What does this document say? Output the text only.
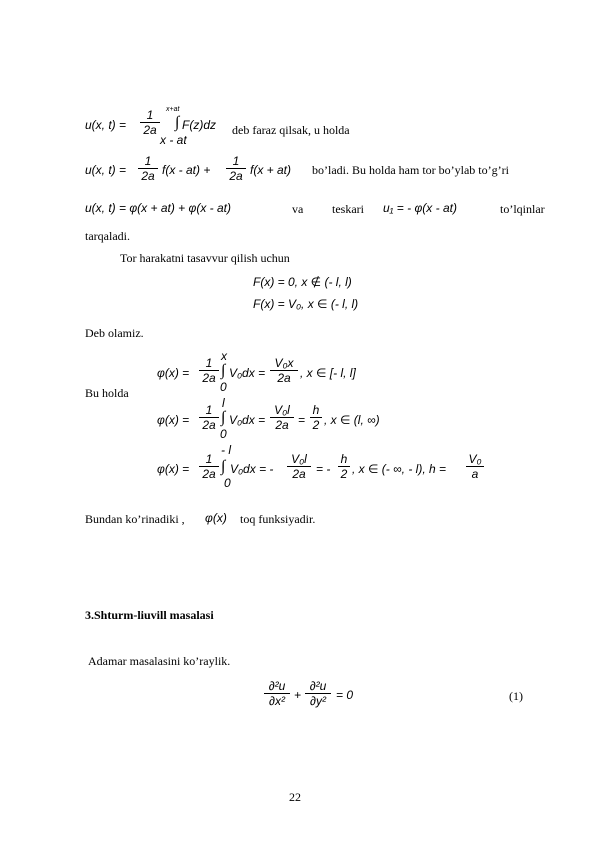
u(x, $t) = \frac{1}{2a} x+at$
∫ F(z)dz
x - at
deb faraz qilsak, u holda
u(x, $t) = \frac{1}{2a} f(x - at) + \frac{1}{2a} f(x + at)$ bo’ladi. Bu holda ham tor bo’ylab to’g’ri
u(x, t) = φ(x + at) + φ(x - at)	va teskari u₁ = - φ(x - at)	to’lqinlar
tarqaladi.
Tor harakatni tasavvur qilish uchun
F(x) = 0, x ∉ (- l, l)
F(x) = V₀, x ∈ (- l, l)
Deb olamiz.
$\varphi(x) = \frac{1}{2a}$
x
∫
0
$V_0dx = \frac{\text{V₀x}}{2a}$ , x ∈ [- l, l]
Bu holda
$\varphi(x) = \frac{1}{2a}$
l
∫
0
$V_0dx = \frac{\text{V₀l}}{2a} = \frac{h}{2}$ , x ∈ (l, ∞)
$\varphi(x) = \frac{1}{2a}$
- l
∫
0
V₀dx = - $\frac{\text{V₀l}}{2a}$ = - $\frac{h}{2}$ , x ∈ (- ∞, - l), $h = \frac{\text{V₀}}{a}$
Bundan ko’rinadiki , φ(x) toq funksiyadir.
3.Shturm-liuvill masalasi
Adamar masalasini ko’raylik.
$\frac{\text{∂²u}}{\text{∂x²}} + \frac{\text{∂²u}}{\text{∂y²}} = 0$	(1)
22
